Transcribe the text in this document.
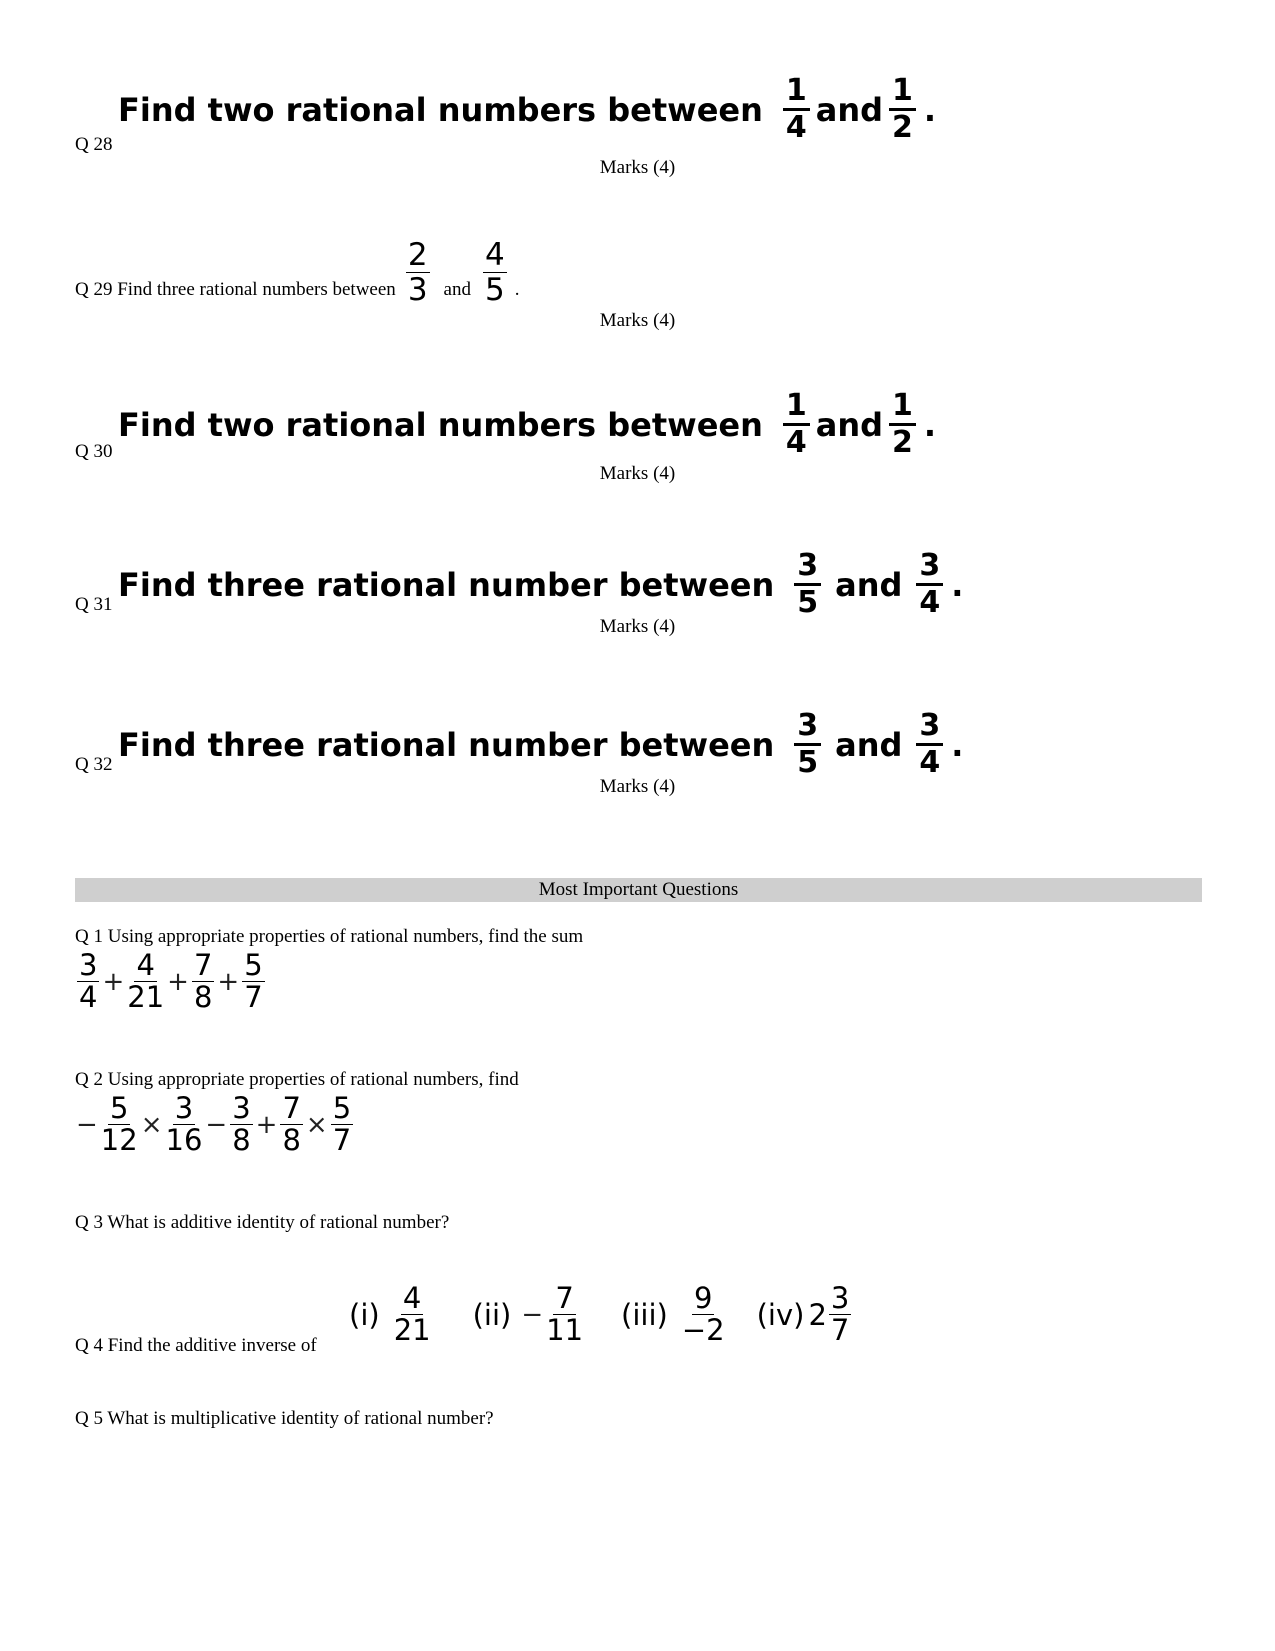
Find two rational numbers between 1
4 and 1
2 .
Q 28
Marks (4)
Q 29 Find three rational numbers between $\frac{2}{3}$ and $\frac{4}{5}$ .
Marks (4)
Find two rational numbers between 1
4 and 1
2 .
Q 30
Marks (4)
Find three rational number between 3
5 and 3
4 .
Q 31
Marks (4)
Find three rational number between 3
5 and 3
4 .
Q 32
Marks (4)
Most Important Questions
Q 1 Using appropriate properties of rational numbers, find the sum
$\frac{3}{4} + \frac{4}{21} + \frac{7}{8} + \frac{5}{7}$
Q 2 Using appropriate properties of rational numbers, find
− $\frac{5}{12} \times \frac{3}{16} - \frac{3}{8} + \frac{7}{8} \times \frac{5}{7}$
Q 3 What is additive identity of rational number?
Q 4 Find the additive inverse of
$(i) \frac{4}{21} (ii) - \frac{7}{11} (iii) \frac{9}{-2} (iv)$ $2 \frac{3}{7}$
Q 5 What is multiplicative identity of rational number?
